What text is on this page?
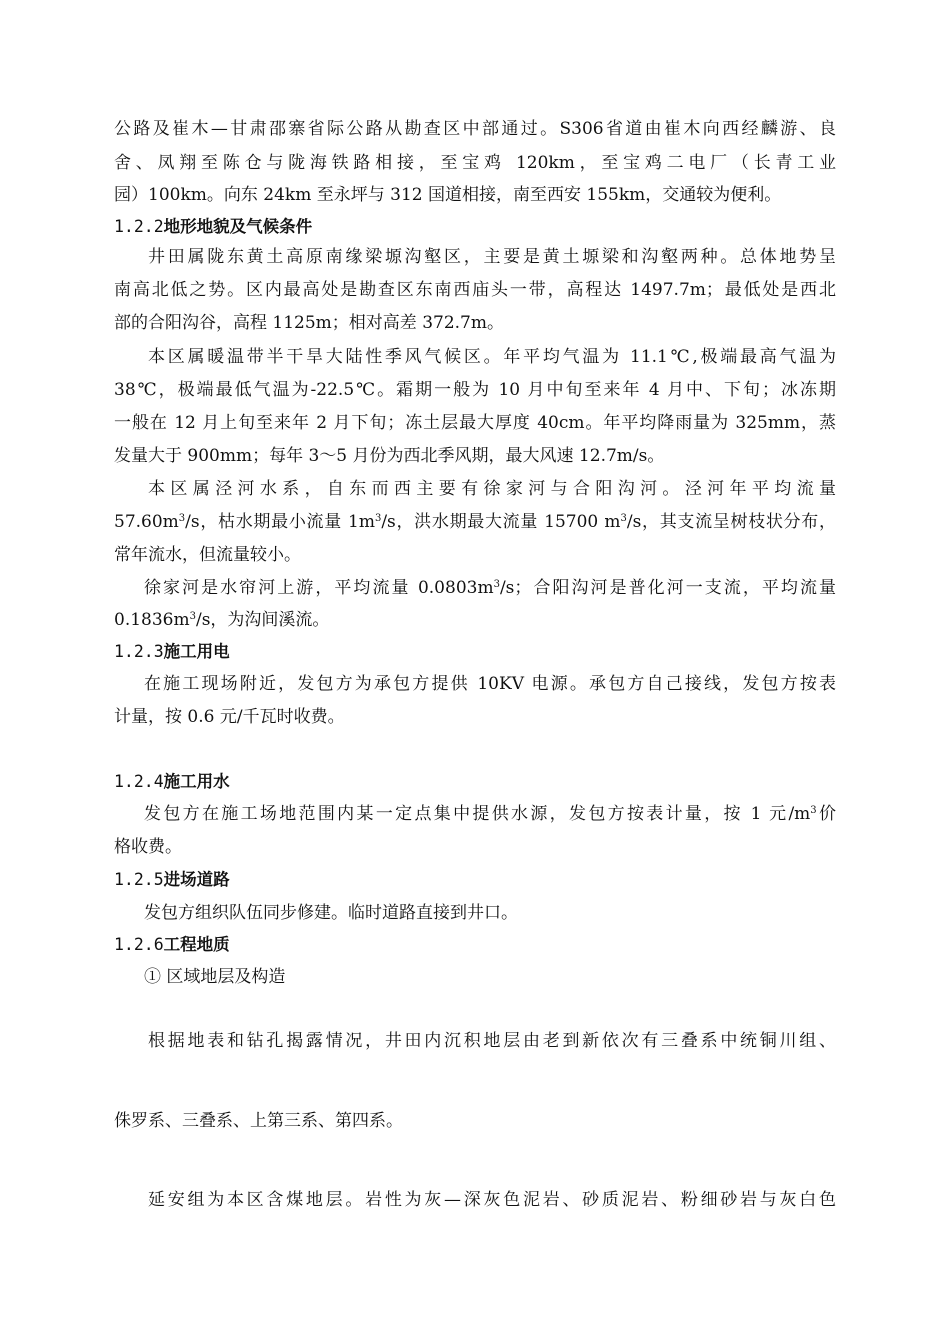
公路及崔木—甘肃邵寨省际公路从勘查区中部通过。S306省道由崔木向西经麟游、良
舍、凤翔至陈仓与陇海铁路相接，至宝鸡 120km，至宝鸡二电厂（长青工业
园）100km。向东 24km 至永坪与 312 国道相接，南至西安 155km，交通较为便利。
1.2.2地形地貌及气候条件
井田属陇东黄土高原南缘梁塬沟壑区，主要是黄土塬梁和沟壑两种。总体地势呈
南高北低之势。区内最高处是勘查区东南西庙头一带，高程达 1497.7m；最低处是西北
部的合阳沟谷，高程 1125m；相对高差 372.7m。
本区属暖温带半干旱大陆性季风气候区。年平均气温为 11.1℃,极端最高气温为
38℃，极端最低气温为-22.5℃。霜期一般为 10 月中旬至来年 4 月中、下旬；冰冻期
一般在 12 月上旬至来年 2 月下旬；冻土层最大厚度 40cm。年平均降雨量为 325mm，蒸
发量大于 900mm；每年 3～5 月份为西北季风期，最大风速 12.7m/s。
本区属泾河水系，自东而西主要有徐家河与合阳沟河。泾河年平均流量
$57.60m^3/s$，枯水期最小流量 $1m^3/s$，洪水期最大流量 15700 $m^3/s$，其支流呈树枝状分布，
常年流水，但流量较小。
徐家河是水帘河上游，平均流量 $0.0803m^3/s$；合阳沟河是普化河一支流，平均流量
$0.1836m^3/s$，为沟间溪流。
1.2.3施工用电
在施工现场附近，发包方为承包方提供 10KV 电源。承包方自己接线，发包方按表
计量，按 0.6 元/千瓦时收费。
1.2.4施工用水
发包方在施工场地范围内某一定点集中提供水源，发包方按表计量，按 1 元$/m^3$价
格收费。
1.2.5进场道路
发包方组织队伍同步修建。临时道路直接到井口。
1.2.6工程地质
① 区域地层及构造
根据地表和钻孔揭露情况，井田内沉积地层由老到新依次有三叠系中统铜川组、
侏罗系、三叠系、上第三系、第四系。
延安组为本区含煤地层。岩性为灰—深灰色泥岩、砂质泥岩、粉细砂岩与灰白色
